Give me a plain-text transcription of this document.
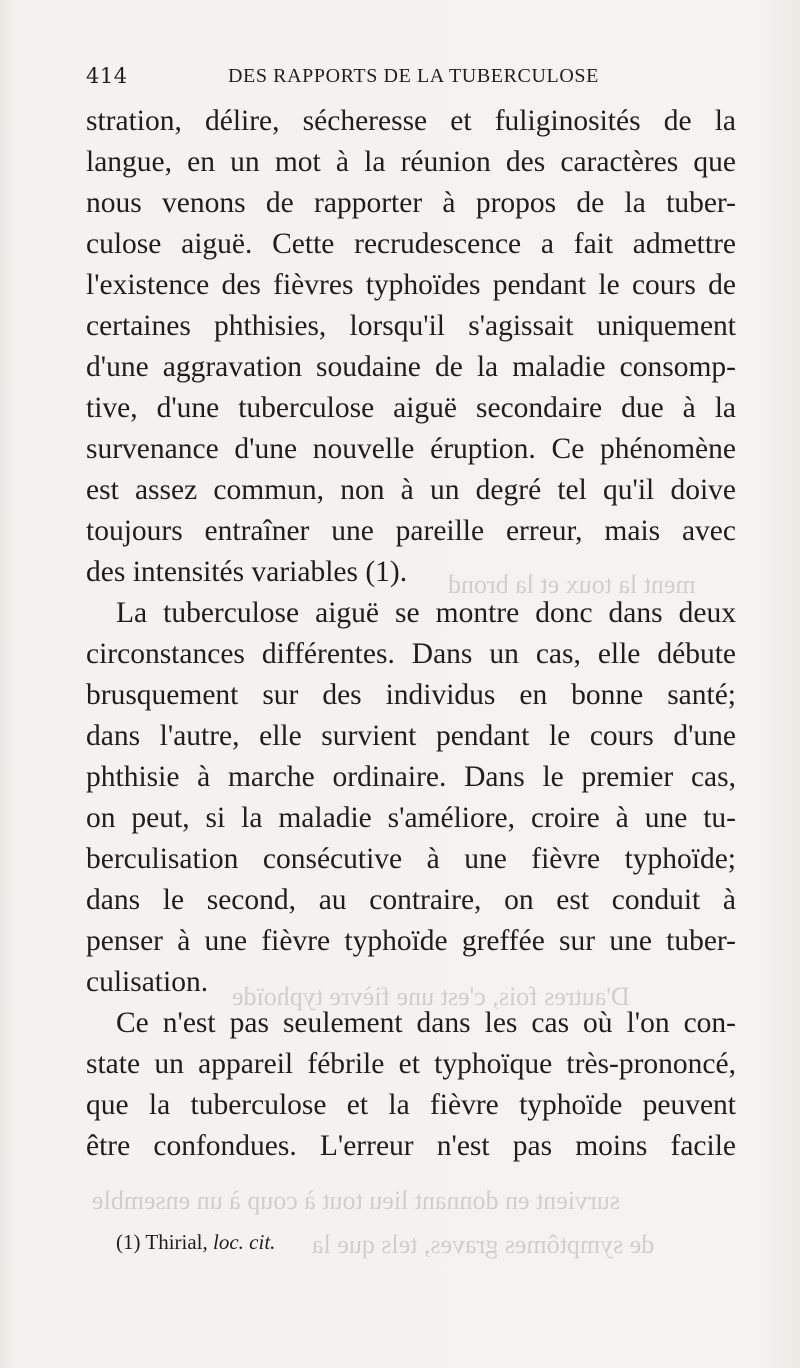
ment la toux et la brond
D'autres fois, c'est une fièvre typhoïde
survient en donnant lieu tout à coup à un ensemble
de symptômes graves, tels que la
414	DES RAPPORTS DE LA TUBERCULOSE
stration, délire, sécheresse et fuliginosités de la
langue, en un mot à la réunion des caractères que
nous venons de rapporter à propos de la tuber-
culose aiguë. Cette recrudescence a fait admettre
l'existence des fièvres typhoïdes pendant le cours de
certaines phthisies, lorsqu'il s'agissait uniquement
d'une aggravation soudaine de la maladie consomp-
tive, d'une tuberculose aiguë secondaire due à la
survenance d'une nouvelle éruption. Ce phénomène
est assez commun, non à un degré tel qu'il doive
toujours entraîner une pareille erreur, mais avec
des intensités variables (1).
La tuberculose aiguë se montre donc dans deux
circonstances différentes. Dans un cas, elle débute
brusquement sur des individus en bonne santé;
dans l'autre, elle survient pendant le cours d'une
phthisie à marche ordinaire. Dans le premier cas,
on peut, si la maladie s'améliore, croire à une tu-
berculisation consécutive à une fièvre typhoïde;
dans le second, au contraire, on est conduit à
penser à une fièvre typhoïde greffée sur une tuber-
culisation.
Ce n'est pas seulement dans les cas où l'on con-
state un appareil fébrile et typhoïque très-prononcé,
que la tuberculose et la fièvre typhoïde peuvent
être confondues. L'erreur n'est pas moins facile
(1) Thirial, loc. cit.
